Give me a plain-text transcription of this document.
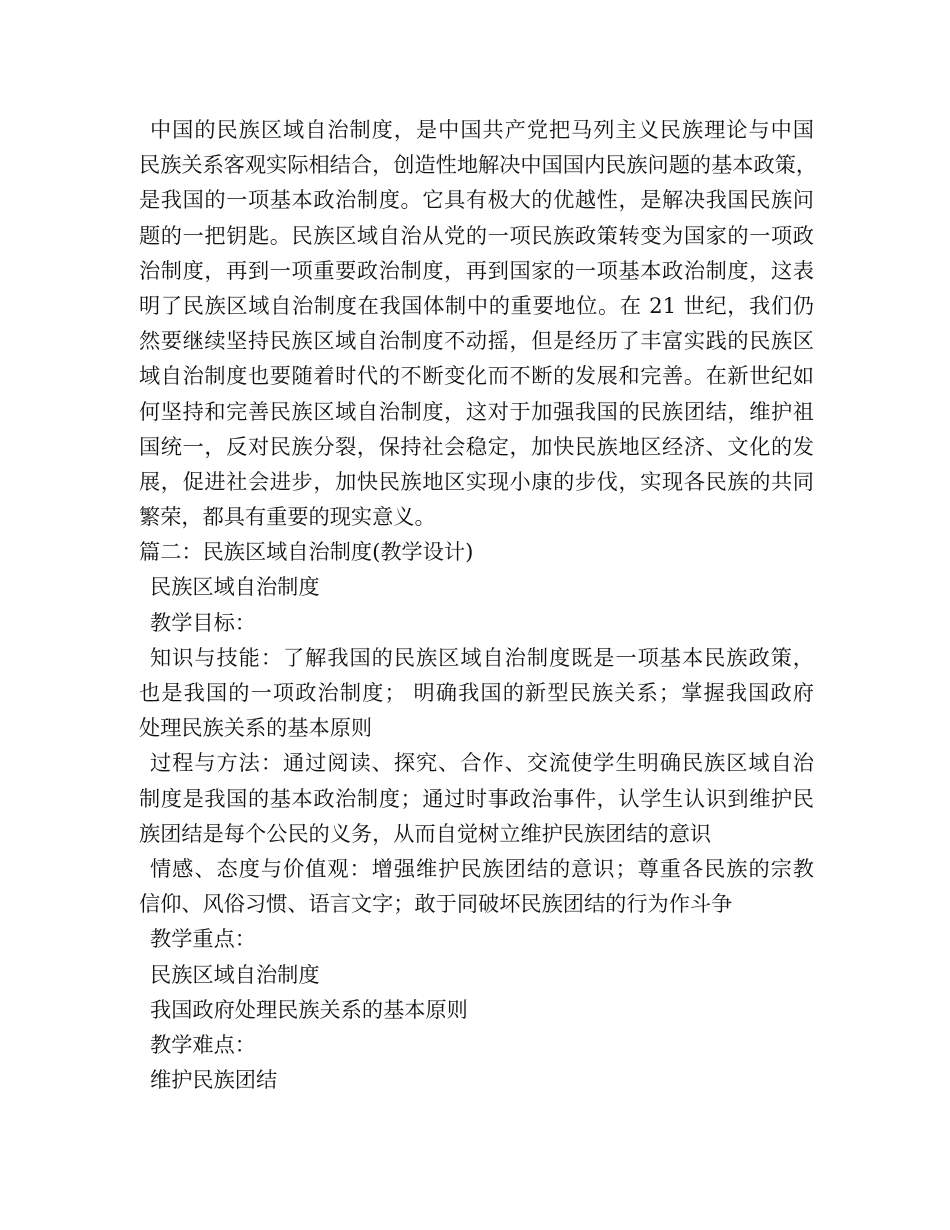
中国的民族区域自治制度，是中国共产党把马列主义民族理论与中国
民族关系客观实际相结合，创造性地解决中国国内民族问题的基本政策，
是我国的一项基本政治制度。它具有极大的优越性，是解决我国民族问
题的一把钥匙。民族区域自治从党的一项民族政策转变为国家的一项政
治制度，再到一项重要政治制度，再到国家的一项基本政治制度，这表
明了民族区域自治制度在我国体制中的重要地位。在 21 世纪，我们仍
然要继续坚持民族区域自治制度不动摇，但是经历了丰富实践的民族区
域自治制度也要随着时代的不断变化而不断的发展和完善。在新世纪如
何坚持和完善民族区域自治制度，这对于加强我国的民族团结，维护祖
国统一，反对民族分裂，保持社会稳定，加快民族地区经济、文化的发
展，促进社会进步，加快民族地区实现小康的步伐，实现各民族的共同
繁荣，都具有重要的现实意义。
篇二：民族区域自治制度(教学设计)
民族区域自治制度
教学目标：
知识与技能：了解我国的民族区域自治制度既是一项基本民族政策，
也是我国的一项政治制度； 明确我国的新型民族关系；掌握我国政府
处理民族关系的基本原则
过程与方法：通过阅读、探究、合作、交流使学生明确民族区域自治
制度是我国的基本政治制度；通过时事政治事件，认学生认识到维护民
族团结是每个公民的义务，从而自觉树立维护民族团结的意识
情感、态度与价值观：增强维护民族团结的意识；尊重各民族的宗教
信仰、风俗习惯、语言文字；敢于同破坏民族团结的行为作斗争
教学重点：
民族区域自治制度
我国政府处理民族关系的基本原则
教学难点：
维护民族团结
